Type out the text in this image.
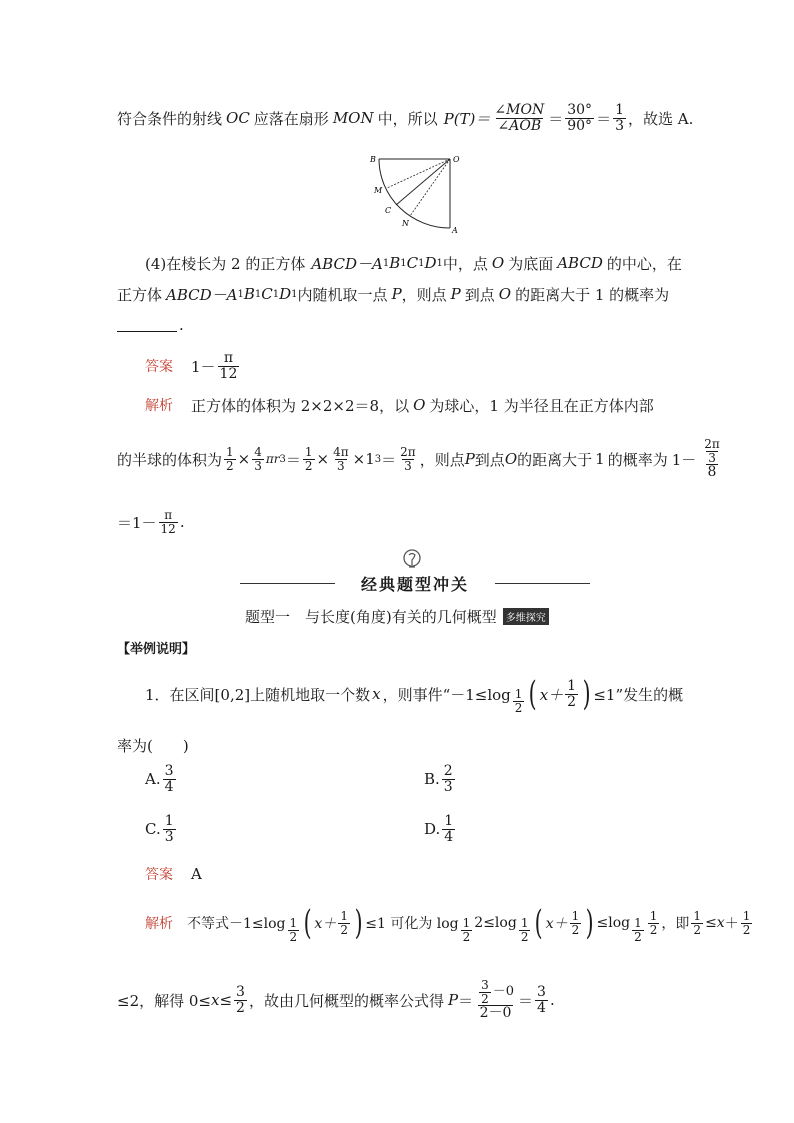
符合条件的射线 OC 应落在扇形 MON 中，所以 $P(T)= \frac{\text{∠MON}}{\text{∠AOB}} = \frac{30^\circ}{90^\circ} = \frac{1}{3}$ ，故选 A.
B	O
M
C
N
A
(4)在棱长为 2 的正方体 ABCD－A 1 B 1 C 1 D 1 中，点 O 为底面 ABCD 的中心，在
正方体 ABCD－A 1 B 1 C 1 D 1 内随机取一点 P ，则点 P 到点 O 的距离大于 1 的概率为
.
答案 $1- \frac{\pi}{12}$
解析 正方体的体积为 2×2×2＝8，以 O 为球心，1 为半径且在正方体内部
的半球的体积为 $\frac{1}{2} \times \frac{4}{3}$ πr $3 = \frac{1}{2} \times \frac{4\pi}{3} \times 1$ $3 = \frac{2\pi}{3}$ ，则点 P 到点 O 的距离大于 1 的概率为 $1- \frac{\frac{2\pi}{3}}{8}$
$=1- \frac{\pi}{12}$ .
经典题型冲关
题型一　与长度(角度)有关的几何概型 多维探究
【举例说明】
1．在区间[0,2]上随机地取一个数 x ，则事件“$-1\le\log \frac{1}{2}$ ( $x+ \frac{1}{2}$ ) ≤1”发生的概
率为(　　)
A. $\frac{3}{4}$	B. $\frac{2}{3}$
C. $\frac{1}{3}$	D. $\frac{1}{4}$
答案 A
解析 不等式$-1\le\log \frac{1}{2}$ ( $x+ \frac{1}{2}$ ) ≤1 可化为 $\log \frac{1}{2} 2 \le\log \frac{1}{2}$ ( $x+ \frac{1}{2}$ ) $\le\log \frac{1}{2} \frac{1}{2}$ ，即 $\frac{1}{2} \le x + \frac{1}{2}$
≤2，解得 $0\le x \le \frac{3}{2}$ ，故由几何概型的概率公式得 $P = \frac{\frac{3}{2} -0}{2-0} = \frac{3}{4}$ .
